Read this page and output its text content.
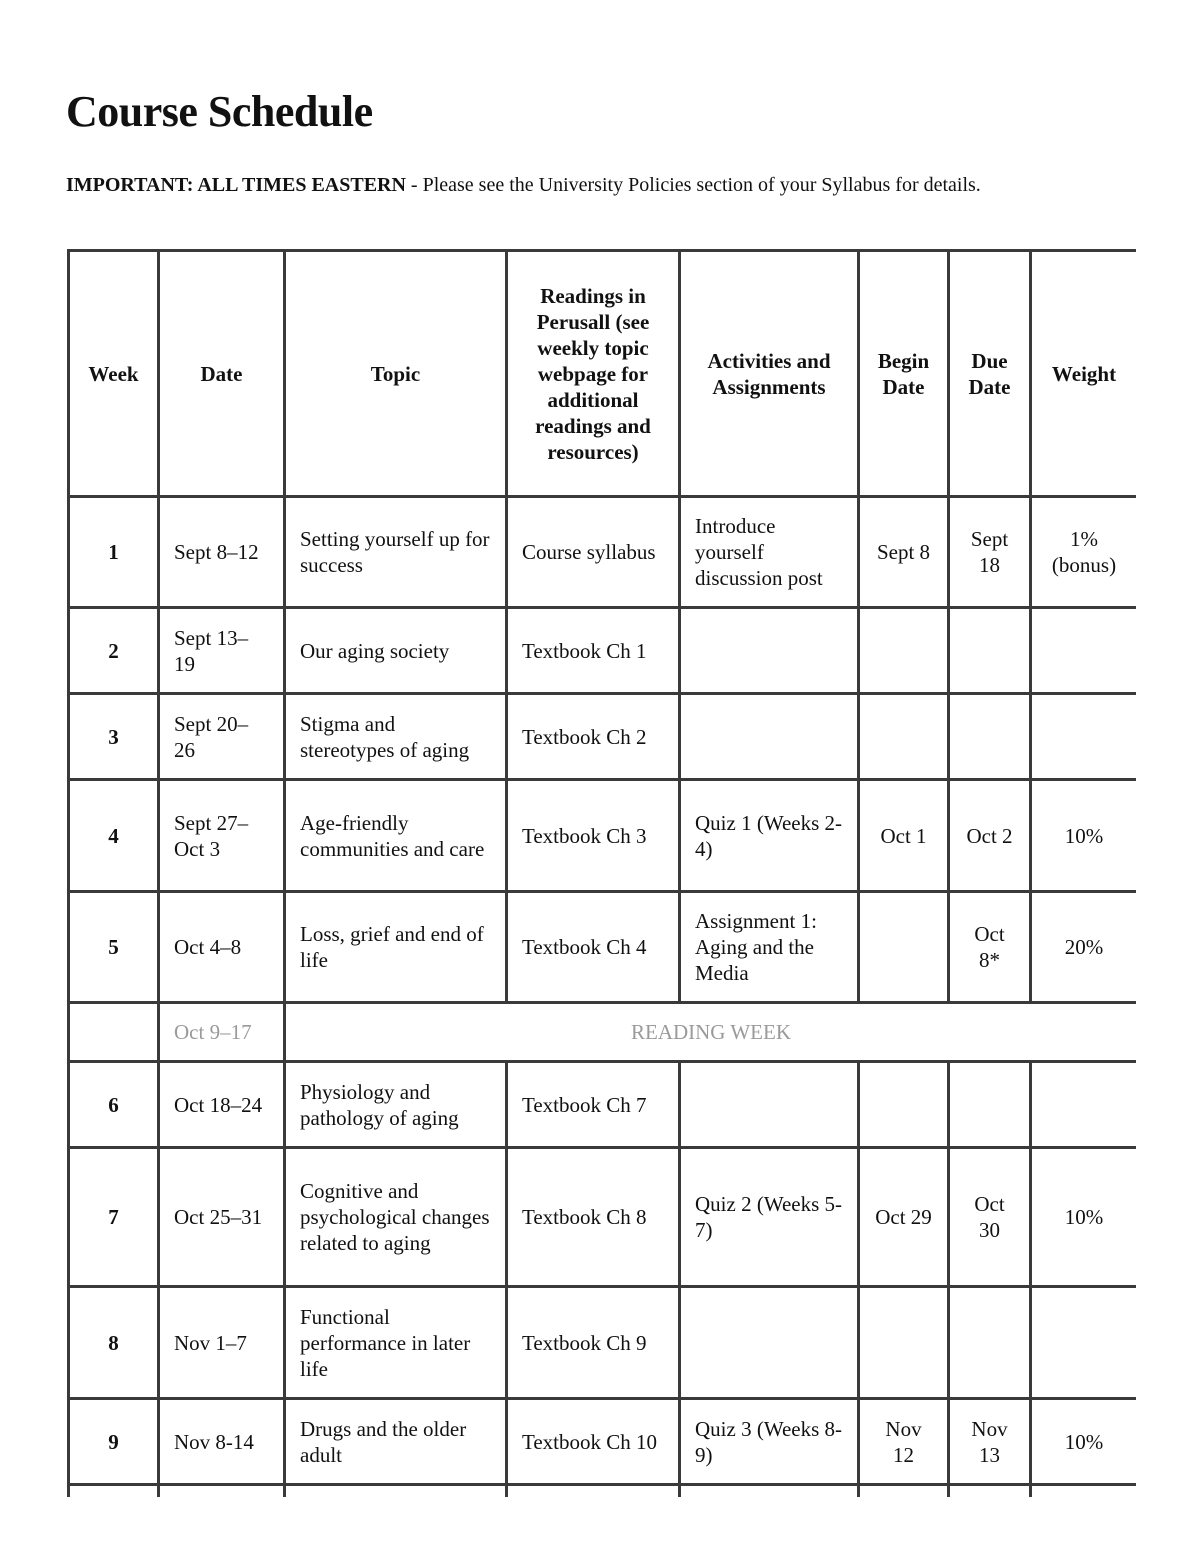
Course Schedule

IMPORTANT: ALL TIMES EASTERN - Please see the University Policies section of your Syllabus for details.

Week	Date	Topic	Readings in Perusall (see weekly topic webpage for additional readings and resources)	Activities and Assignments	Begin Date	Due Date	Weight
1	Sept 8–12	Setting yourself up for success	Course syllabus	Introduce yourself discussion post	Sept 8	Sept 18	1% (bonus)
2	Sept 13–19	Our aging society	Textbook Ch 1				
3	Sept 20–26	Stigma and stereotypes of aging	Textbook Ch 2				
4	Sept 27–Oct 3	Age-friendly communities and care	Textbook Ch 3	Quiz 1 (Weeks 2-4)	Oct 1	Oct 2	10%
5	Oct 4–8	Loss, grief and end of life	Textbook Ch 4	Assignment 1: Aging and the Media		Oct 8*	20%
	Oct 9–17	READING WEEK					
6	Oct 18–24	Physiology and pathology of aging	Textbook Ch 7				
7	Oct 25–31	Cognitive and psychological changes related to aging	Textbook Ch 8	Quiz 2 (Weeks 5-7)	Oct 29	Oct 30	10%
8	Nov 1–7	Functional performance in later life	Textbook Ch 9				
9	Nov 8-14	Drugs and the older adult	Textbook Ch 10	Quiz 3 (Weeks 8-9)	Nov 12	Nov 13	10%
